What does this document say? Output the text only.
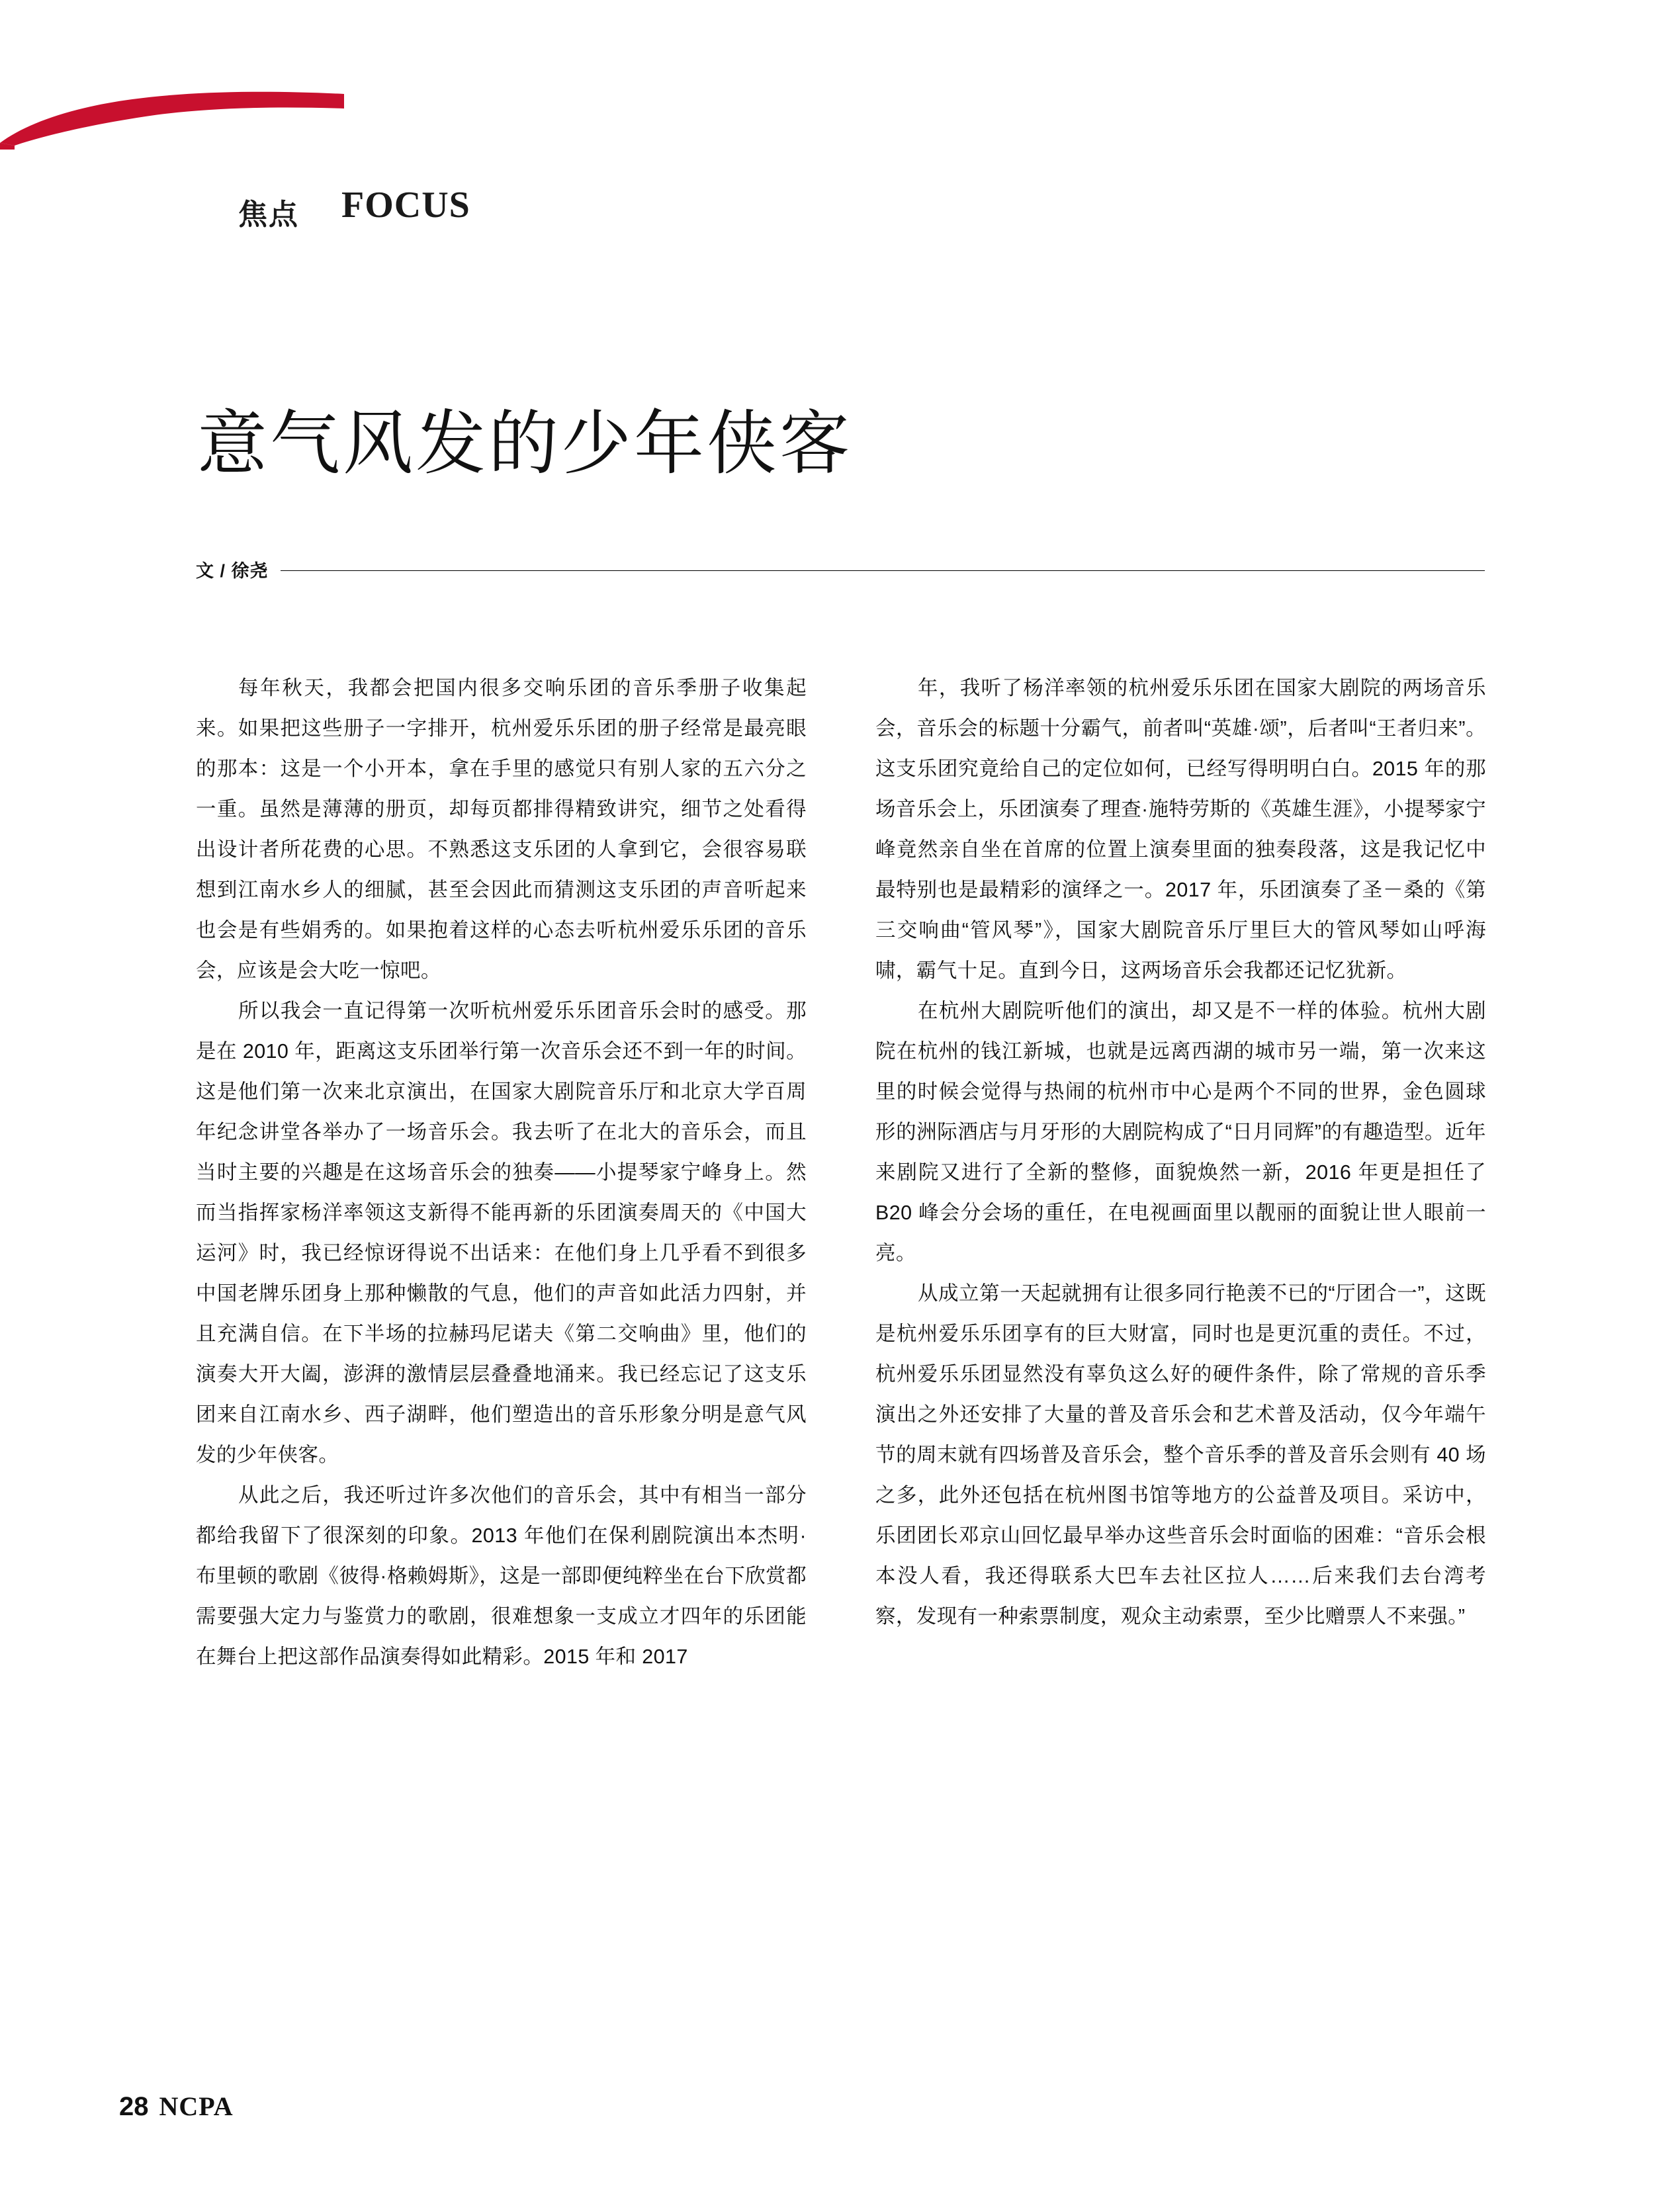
焦点 FOCUS
意气风发的少年侠客
文 / 徐尧

每年秋天，我都会把国内很多交响乐团的音乐季册子收集起来。如果把这些册子一字排开，杭州爱乐乐团的册子经常是最亮眼的那本：这是一个小开本，拿在手里的感觉只有别人家的五六分之一重。虽然是薄薄的册页，却每页都排得精致讲究，细节之处看得出设计者所花费的心思。不熟悉这支乐团的人拿到它，会很容易联想到江南水乡人的细腻，甚至会因此而猜测这支乐团的声音听起来也会是有些娟秀的。如果抱着这样的心态去听杭州爱乐乐团的音乐会，应该是会大吃一惊吧。

所以我会一直记得第一次听杭州爱乐乐团音乐会时的感受。那是在 2010 年，距离这支乐团举行第一次音乐会还不到一年的时间。这是他们第一次来北京演出，在国家大剧院音乐厅和北京大学百周年纪念讲堂各举办了一场音乐会。我去听了在北大的音乐会，而且当时主要的兴趣是在这场音乐会的独奏——小提琴家宁峰身上。然而当指挥家杨洋率领这支新得不能再新的乐团演奏周天的《中国大运河》时，我已经惊讶得说不出话来：在他们身上几乎看不到很多中国老牌乐团身上那种懒散的气息，他们的声音如此活力四射，并且充满自信。在下半场的拉赫玛尼诺夫《第二交响曲》里，他们的演奏大开大阖，澎湃的激情层层叠叠地涌来。我已经忘记了这支乐团来自江南水乡、西子湖畔，他们塑造出的音乐形象分明是意气风发的少年侠客。

从此之后，我还听过许多次他们的音乐会，其中有相当一部分都给我留下了很深刻的印象。2013 年他们在保利剧院演出本杰明·布里顿的歌剧《彼得·格赖姆斯》，这是一部即便纯粹坐在台下欣赏都需要强大定力与鉴赏力的歌剧，很难想象一支成立才四年的乐团能在舞台上把这部作品演奏得如此精彩。2015 年和 2017

年，我听了杨洋率领的杭州爱乐乐团在国家大剧院的两场音乐会，音乐会的标题十分霸气，前者叫“英雄·颂”，后者叫“王者归来”。这支乐团究竟给自己的定位如何，已经写得明明白白。2015 年的那场音乐会上，乐团演奏了理查·施特劳斯的《英雄生涯》，小提琴家宁峰竟然亲自坐在首席的位置上演奏里面的独奏段落，这是我记忆中最特别也是最精彩的演绎之一。2017 年，乐团演奏了圣－桑的《第三交响曲“管风琴”》，国家大剧院音乐厅里巨大的管风琴如山呼海啸，霸气十足。直到今日，这两场音乐会我都还记忆犹新。

在杭州大剧院听他们的演出，却又是不一样的体验。杭州大剧院在杭州的钱江新城，也就是远离西湖的城市另一端，第一次来这里的时候会觉得与热闹的杭州市中心是两个不同的世界，金色圆球形的洲际酒店与月牙形的大剧院构成了“日月同辉”的有趣造型。近年来剧院又进行了全新的整修，面貌焕然一新，2016 年更是担任了 B20 峰会分会场的重任，在电视画面里以靓丽的面貌让世人眼前一亮。

从成立第一天起就拥有让很多同行艳羡不已的“厅团合一”，这既是杭州爱乐乐团享有的巨大财富，同时也是更沉重的责任。不过，杭州爱乐乐团显然没有辜负这么好的硬件条件，除了常规的音乐季演出之外还安排了大量的普及音乐会和艺术普及活动，仅今年端午节的周末就有四场普及音乐会，整个音乐季的普及音乐会则有 40 场之多，此外还包括在杭州图书馆等地方的公益普及项目。采访中，乐团团长邓京山回忆最早举办这些音乐会时面临的困难：“音乐会根本没人看，我还得联系大巴车去社区拉人……后来我们去台湾考察，发现有一种索票制度，观众主动索票，至少比赠票人不来强。”

28 NCPA
